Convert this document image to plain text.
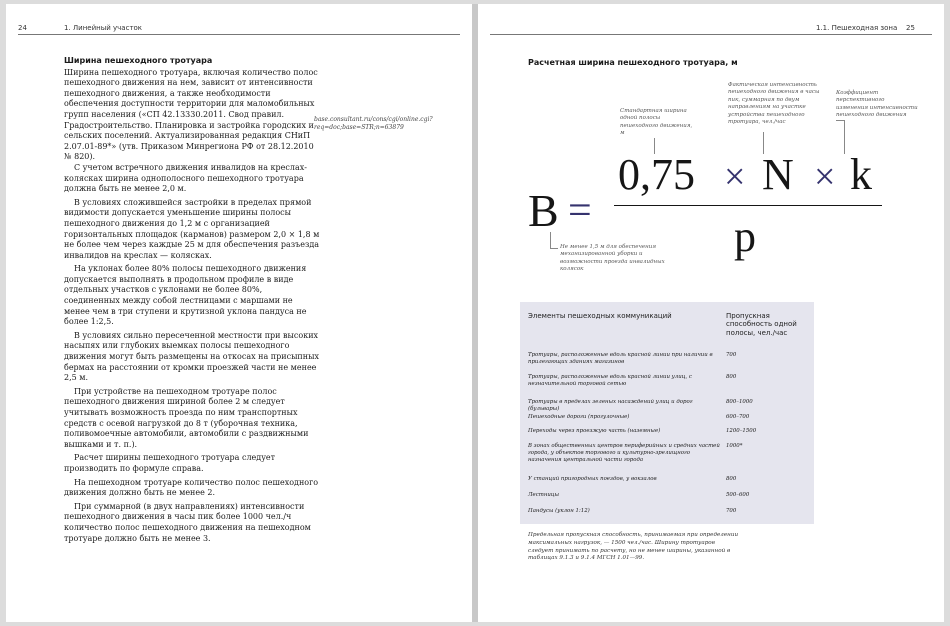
24	1. Линейный участок
Ширина пешеходного тротуара

Ширина пешеходного тротуара, включая количество полос пешеходного движения на нем, зависит от интенсивности пешеходного движения, а также необходимости обеспечения доступности территории для маломобильных групп населения («СП 42.13330.2011. Свод правил. Градостроительство. Планировка и застройка городских и сельских поселений. Актуализированная редакция СНиП 2.07.01-89*» (утв. Приказом Минрегиона РФ от 28.12.2010 № 820).

С учетом встречного движения инвалидов на креслах-колясках ширина однополосного пешеходного тротуара должна быть не менее 2,0 м.

В условиях сложившейся застройки в пределах прямой видимости допускается уменьшение ширины полосы пешеходного движения до 1,2 м с организацией горизонтальных площадок (карманов) размером 2,0 × 1,8 м не более чем через каждые 25 м для обеспечения разъезда инвалидов на креслах — колясках.

На уклонах более 80% полосы пешеходного движения допускается выполнять в продольном профиле в виде отдельных участков с уклонами не более 80%, соединенных между собой лестницами с маршами не менее чем в три ступени и крутизной уклона пандуса не более 1:2,5.

В условиях сильно пересеченной местности при высоких насыпях или глубоких выемках полосы пешеходного движения могут быть размещены на откосах на присыпных бермах на расстоянии от кромки проезжей части не менее 2,5 м.

При устройстве на пешеходном тротуаре полос пешеходного движения шириной более 2 м следует учитывать возможность проезда по ним транспортных средств с осевой нагрузкой до 8 т (уборочная техника, поливомоечные автомобили, автомобили с раздвижными вышками и т. п.).

Расчет ширины пешеходного тротуара следует производить по формуле справа.

На пешеходном тротуаре количество полос пешеходного движения должно быть не менее 2.

При суммарной (в двух направлениях) интенсивности пешеходного движения в часы пик более 1000 чел./ч количество полос пешеходного движения на пешеходном тротуаре должно быть не менее 3.

base.consultant.ru/cons/cgi/online.cgi?req=doc;base=STR;n=63879
1.1. Пешеходная зона 25
Расчетная ширина пешеходного тротуара, м
Стандартная ширина одной полосы пешеходного движения, м
Фактическая интенсивность пешеходного движения в часы пик, суммарная по двум направлениям на участке устройства пешеходного тротуара, чел./час
Коэффициент перспективного изменения интенсивности пешеходного движения
Не менее 1,5 м для обеспечения механизированной уборки и возможности проезда инвалидных колясок
B =
0,75 × N × k
p
Элементы пешеходных коммуникаций	Пропускная способность одной полосы, чел./час
Тротуары, расположенные вдоль красной линии при наличии в прилегающих зданиях магазинов
700
Тротуары, расположенные вдоль красной линии улиц, с незначительной торговой сетью
800
Тротуары в пределах зеленых насаждений улиц и дорог (бульвары)
800–1000
Пешеходные дороги (прогулочные)	600–700
Переходы через проезжую часть (наземные)	1200–1500
В зонах общественных центров периферийных и средних частей города, у объектов торгового и культурно-зрелищного назначения центральной части города
1000*
У станций пригородных поездов, у вокзалов	800
Лестницы	500–600
Пандусы (уклон 1:12)	700
Предельная пропускная способность, принимаемая при определении максимальных нагрузок, — 1500 чел./час. Ширину тротуаров следует принимать по расчету, но не менее ширины, указанной в таблицах 9.1.3 и 9.1.4 МГСН 1.01—99.
